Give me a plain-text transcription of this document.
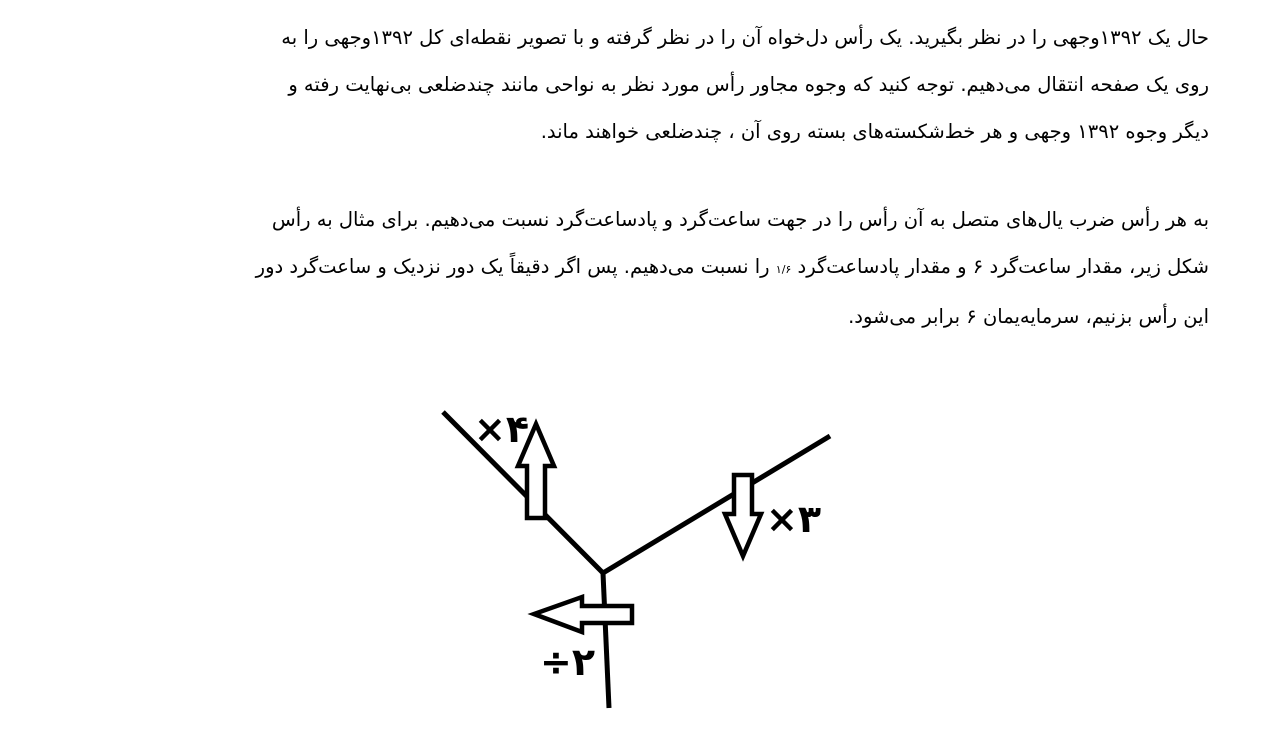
حال یک ۱۳۹۲وجهی را در نظر بگیرید. یک رأس دل‌خواه آن را در نظر گرفته و با تصویر نقطه‌ای کل ۱۳۹۲وجهی را به
روی یک صفحه انتقال می‌دهیم. توجه کنید که وجوه مجاور رأس مورد نظر به نواحی مانند چندضلعی بی‌نهایت رفته و
دیگر وجوه ۱۳۹۲ وجهی و هر خط‌شکسته‌های بسته روی آن ، چندضلعی خواهند ماند.
به هر رأس ضرب یال‌های متصل به آن رأس را در جهت ساعت‌گرد و پادساعت‌گرد نسبت می‌دهیم. برای مثال به رأس
شکل زیر، مقدار ساعت‌گرد ۶ و مقدار پادساعت‌گرد ۱/۶ را نسبت می‌دهیم. پس اگر دقیقاً یک دور نزدیک و ساعت‌گرد دور
این رأس بزنیم، سرمایه‌یمان ۶ برابر می‌شود.
×۴
×۳
÷۲
